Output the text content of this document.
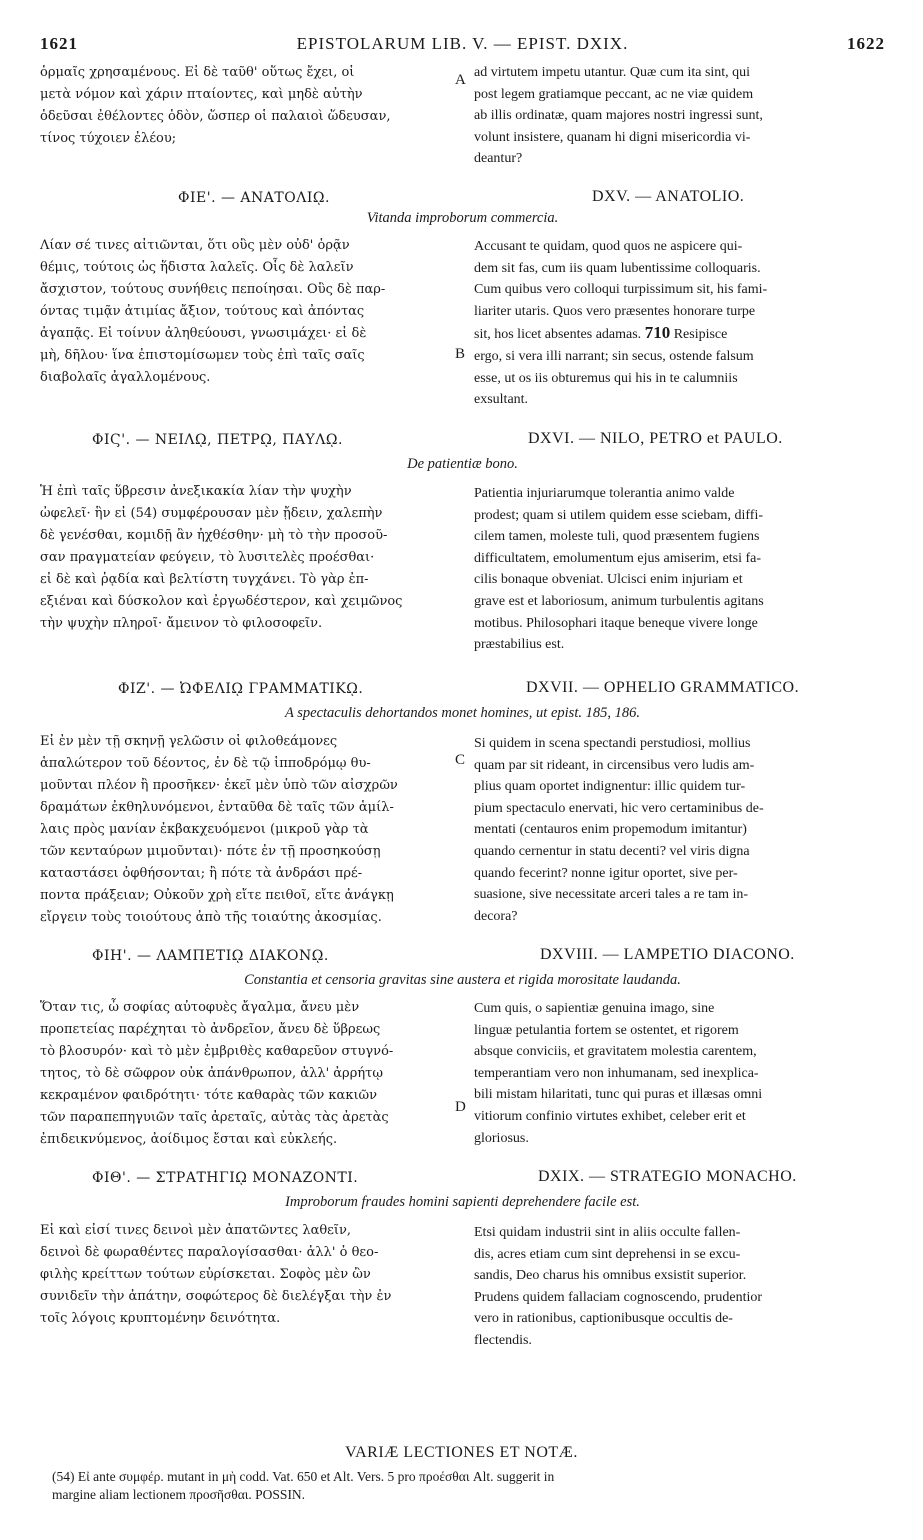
1621	EPISTOLARUM LIB. V. — EPIST. DXIX.	1622
ὁρμαῖς χρησαμένους. Εἰ δὲ ταῦθ' οὕτως ἔχει, οἱ
μετὰ νόμον καὶ χάριν πταίοντες, καὶ μηδὲ αὐτὴν
ὁδεῦσαι ἐθέλοντες ὁδὸν, ὥσπερ οἱ παλαιοὶ ὥδευσαν,
τίνος τύχοιεν ἐλέου;
ad virtutem impetu utantur. Quæ cum ita sint, qui
post legem gratiamque peccant, ac ne viæ quidem
ab illis ordinatæ, quam majores nostri ingressi sunt,
volunt insistere, quanam hi digni misericordia vi-
deantur?
A
ΦΙΕ'. — ΑΝΑΤΟΛΙῼ.	DXV. — ANATOLIO.
Vitanda improborum commercia.
Λίαν σέ τινες αἰτιῶνται, ὅτι οὓς μὲν οὐδ' ὁρᾷν
θέμις, τούτοις ὡς ἥδιστα λαλεῖς. Οἷς δὲ λαλεῖν
ἄσχιστον, τούτους συνήθεις πεποίησαι. Οὓς δὲ παρ-
όντας τιμᾷν ἀτιμίας ἄξιον, τούτους καὶ ἀπόντας
ἀγαπᾷς. Εἰ τοίνυν ἀληθεύουσι, γνωσιμάχει· εἰ δὲ
μὴ, δῆλου· ἵνα ἐπιστομίσωμεν τοὺς ἐπὶ ταῖς σαῖς
διαβολαῖς ἀγαλλομένους.
Accusant te quidam, quod quos ne aspicere qui-
dem sit fas, cum iis quam lubentissime colloquaris.
Cum quibus vero colloqui turpissimum sit, his fami-
liariter utaris. Quos vero præsentes honorare turpe
sit, hos licet absentes adamas. 710 Resipisce
ergo, si vera illi narrant; sin secus, ostende falsum
esse, ut os iis obturemus qui his in te calumniis
exsultant.
B
ΦΙϚ'. — ΝΕΙΛῼ, ΠΕΤΡῼ, ΠΑΥΛῼ.	DXVI. — NILO, PETRO et PAULO.
De patientiæ bono.
Ἡ ἐπὶ ταῖς ὕβρεσιν ἀνεξικακία λίαν τὴν ψυχὴν
ὠφελεῖ· ἣν εἰ (54) συμφέρουσαν μὲν ᾔδειν, χαλεπὴν
δὲ γενέσθαι, κομιδῇ ἂν ἠχθέσθην· μὴ τὸ τὴν προσοῦ-
σαν πραγματείαν φεύγειν, τὸ λυσιτελὲς προέσθαι·
εἰ δὲ καὶ ῥᾳδία καὶ βελτίστη τυγχάνει. Τὸ γὰρ ἐπ-
εξιέναι καὶ δύσκολον καὶ ἐργωδέστερον, καὶ χειμῶνος
τὴν ψυχὴν πληροῖ· ἄμεινον τὸ φιλοσοφεῖν.
Patientia injuriarumque tolerantia animo valde
prodest; quam si utilem quidem esse sciebam, diffi-
cilem tamen, moleste tuli, quod præsentem fugiens
difficultatem, emolumentum ejus amiserim, etsi fa-
cilis bonaque obveniat. Ulcisci enim injuriam et
grave est et laboriosum, animum turbulentis agitans
motibus. Philosophari itaque beneque vivere longe
præstabilius est.
ΦΙΖ'. — ὨΦΕΛΙῼ ΓΡΑΜΜΑΤΙΚῼ.	DXVII. — OPHELIO GRAMMATICO.
A spectaculis dehortandos monet homines, ut epist. 185, 186.
Εἰ ἐν μὲν τῇ σκηνῇ γελῶσιν οἱ φιλοθεάμονες
ἁπαλώτερον τοῦ δέοντος, ἐν δὲ τῷ ἱπποδρόμῳ θυ-
μοῦνται πλέον ἢ προσῆκεν· ἐκεῖ μὲν ὑπὸ τῶν αἰσχρῶν
δραμάτων ἐκθηλυνόμενοι, ἐνταῦθα δὲ ταῖς τῶν ἁμίλ-
λαις πρὸς μανίαν ἐκβακχευόμενοι (μικροῦ γὰρ τὰ
τῶν κενταύρων μιμοῦνται)· πότε ἐν τῇ προσηκούσῃ
καταστάσει ὀφθήσονται; ἢ πότε τὰ ἀνδράσι πρέ-
ποντα πράξειαν; Οὐκοῦν χρὴ εἴτε πειθοῖ, εἴτε ἀνάγκῃ
εἴργειν τοὺς τοιούτους ἀπὸ τῆς τοιαύτης ἀκοσμίας.
Si quidem in scena spectandi perstudiosi, mollius
quam par sit rideant, in circensibus vero ludis am-
plius quam oportet indignentur: illic quidem tur-
pium spectaculo enervati, hic vero certaminibus de-
mentati (centauros enim propemodum imitantur)
quando cernentur in statu decenti? vel viris digna
quando fecerint? nonne igitur oportet, sive per-
suasione, sive necessitate arceri tales a re tam in-
decora?
C
ΦΙΗ'. — ΛΑΜΠΕΤΙῼ ΔΙΑΚΟΝῼ.	DXVIII. — LAMPETIO DIACONO.
Constantia et censoria gravitas sine austera et rigida morositate laudanda.
Ὅταν τις, ὦ σοφίας αὐτοφυὲς ἄγαλμα, ἄνευ μὲν
προπετείας παρέχηται τὸ ἀνδρεῖον, ἄνευ δὲ ὕβρεως
τὸ βλοσυρόν· καὶ τὸ μὲν ἐμβριθὲς καθαρεῦον στυγνό-
τητος, τὸ δὲ σῶφρον οὐκ ἀπάνθρωπον, ἀλλ' ἀρρήτῳ
κεκραμένον φαιδρότητι· τότε καθαρὰς τῶν κακιῶν
τῶν παραπεπηγυιῶν ταῖς ἀρεταῖς, αὐτὰς τὰς ἀρετὰς
ἐπιδεικνύμενος, ἀοίδιμος ἔσται καὶ εὐκλεής.
Cum quis, o sapientiæ genuina imago, sine
linguæ petulantia fortem se ostentet, et rigorem
absque conviciis, et gravitatem molestia carentem,
temperantiam vero non inhumanam, sed inexplica-
bili mistam hilaritati, tunc qui puras et illæsas omni
vitiorum confinio virtutes exhibet, celeber erit et
gloriosus.
D
ΦΙΘ'. — ΣΤΡΑΤΗΓΙῼ ΜΟΝΑΖΟΝΤΙ.	DXIX. — STRATEGIO MONACHO.
Improborum fraudes homini sapienti deprehendere facile est.
Εἰ καὶ εἰσί τινες δεινοὶ μὲν ἀπατῶντες λαθεῖν,
δεινοὶ δὲ φωραθέντες παραλογίσασθαι· ἀλλ' ὁ θεο-
φιλὴς κρείττων τούτων εὑρίσκεται. Σοφὸς μὲν ὢν
συνιδεῖν τὴν ἀπάτην, σοφώτερος δὲ διελέγξαι τὴν ἐν
τοῖς λόγοις κρυπτομένην δεινότητα.
Etsi quidam industrii sint in aliis occulte fallen-
dis, acres etiam cum sint deprehensi in se excu-
sandis, Deo charus his omnibus exsistit superior.
Prudens quidem fallaciam cognoscendo, prudentior
vero in rationibus, captionibusque occultis de-
flectendis.
VARIÆ LECTIONES ET NOTÆ.
(54) Εἰ ante συμφέρ. mutant in μὴ codd. Vat. 650 et Alt. Vers. 5 pro προέσθαι Alt. suggerit in
margine aliam lectionem προσῆσθαι. POSSIN.
